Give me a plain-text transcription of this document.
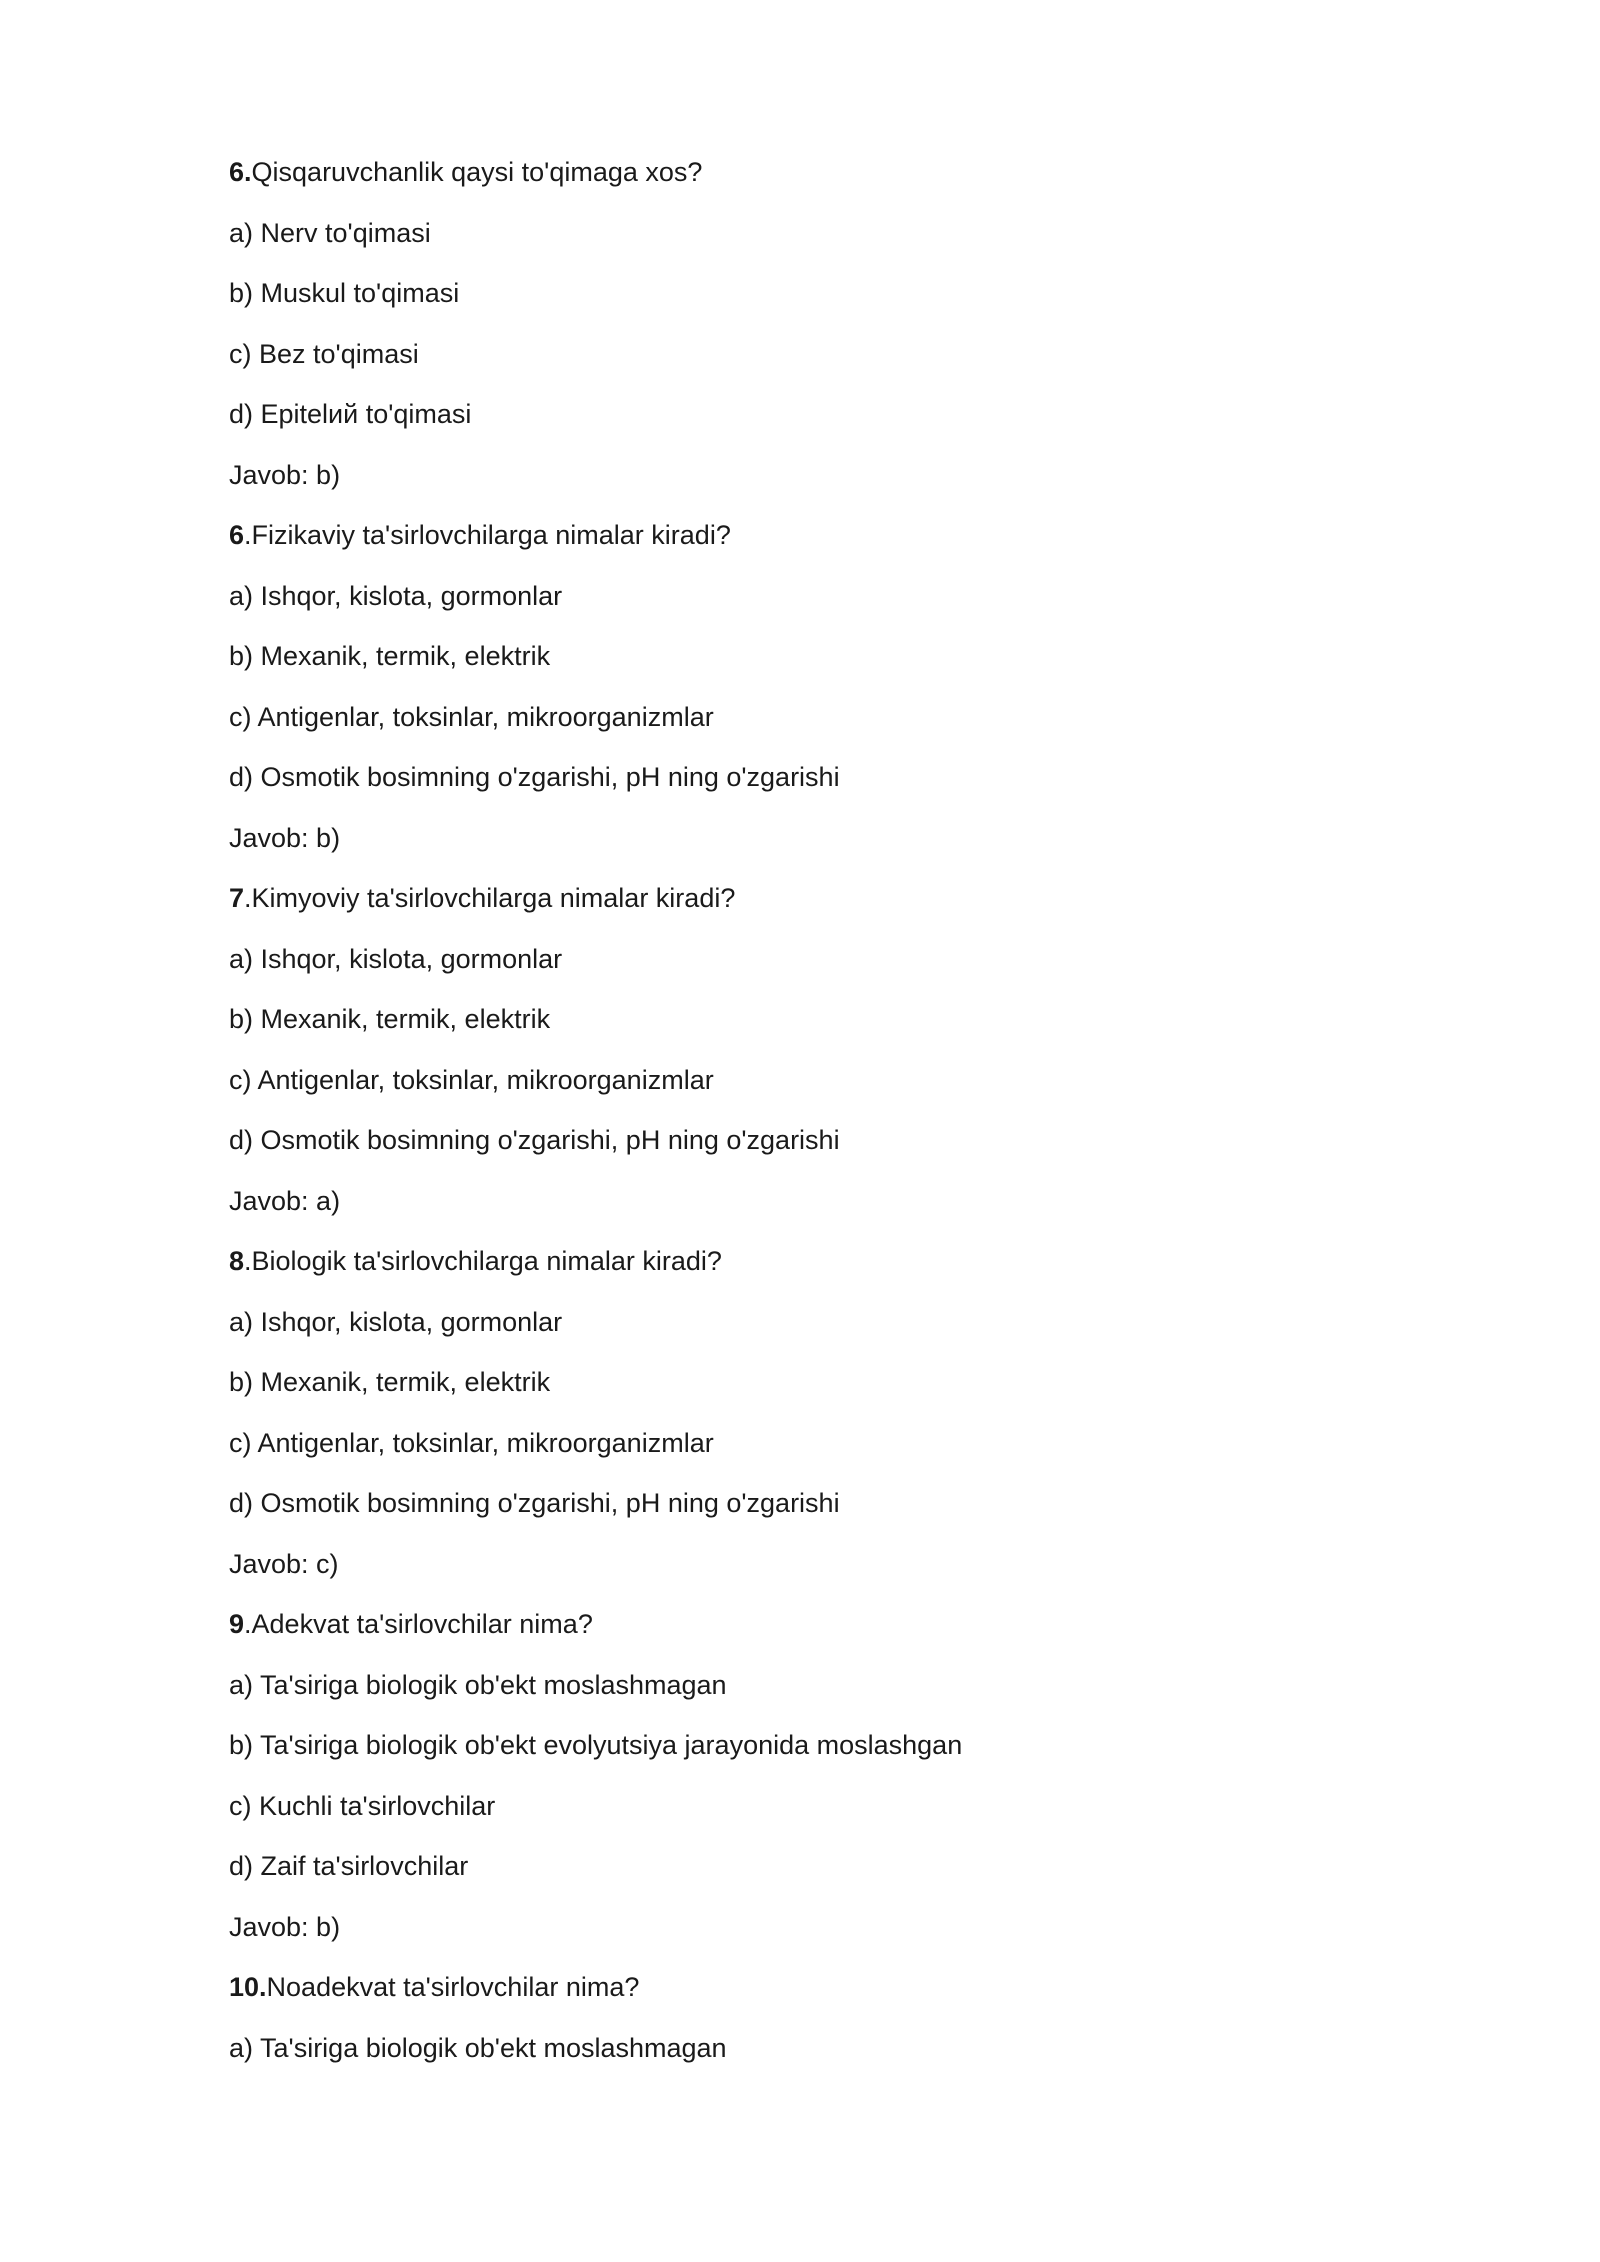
6.Qisqaruvchanlik qaysi to'qimaga xos?
a) Nerv to'qimasi
b) Muskul to'qimasi
c) Bez to'qimasi
d) Epitelий to'qimasi
Javob: b)
6.Fizikaviy ta'sirlovchilarga nimalar kiradi?
a) Ishqor, kislota, gormonlar
b) Mexanik, termik, elektrik
c) Antigenlar, toksinlar, mikroorganizmlar
d) Osmotik bosimning o'zgarishi, pH ning o'zgarishi
Javob: b)
7.Kimyoviy ta'sirlovchilarga nimalar kiradi?
a) Ishqor, kislota, gormonlar
b) Mexanik, termik, elektrik
c) Antigenlar, toksinlar, mikroorganizmlar
d) Osmotik bosimning o'zgarishi, pH ning o'zgarishi
Javob: a)
8.Biologik ta'sirlovchilarga nimalar kiradi?
a) Ishqor, kislota, gormonlar
b) Mexanik, termik, elektrik
c) Antigenlar, toksinlar, mikroorganizmlar
d) Osmotik bosimning o'zgarishi, pH ning o'zgarishi
Javob: c)
9.Adekvat ta'sirlovchilar nima?
a) Ta'siriga biologik ob'ekt moslashmagan
b) Ta'siriga biologik ob'ekt evolyutsiya jarayonida moslashgan
c) Kuchli ta'sirlovchilar
d) Zaif ta'sirlovchilar
Javob: b)
10.Noadekvat ta'sirlovchilar nima?
a) Ta'siriga biologik ob'ekt moslashmagan
